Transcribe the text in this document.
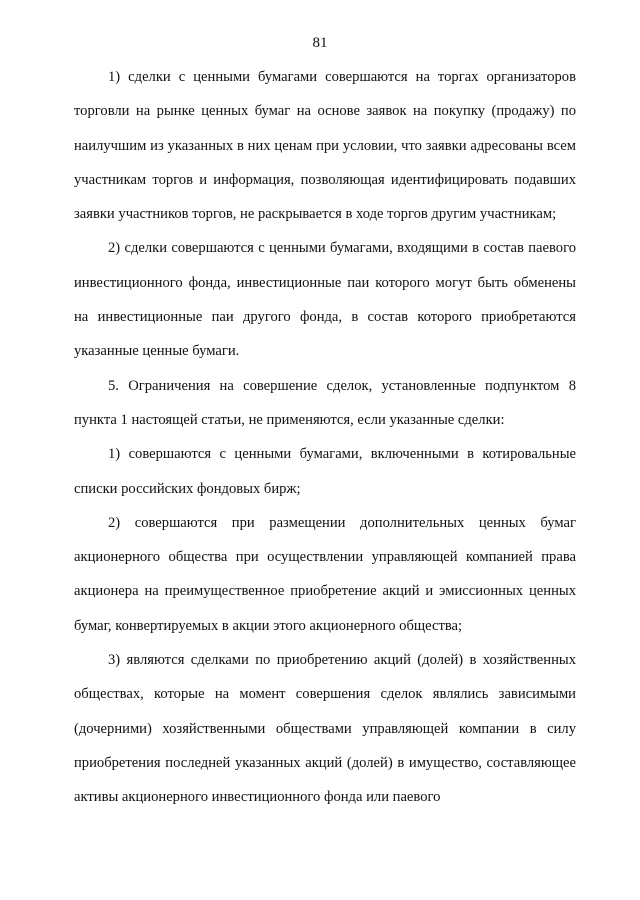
81

1) сделки с ценными бумагами совершаются на торгах организаторов торговли на рынке ценных бумаг на основе заявок на покупку (продажу) по наилучшим из указанных в них ценам при условии, что заявки адресованы всем участникам торгов и информация, позволяющая идентифицировать подавших заявки участников торгов, не раскрывается в ходе торгов другим участникам;

2) сделки совершаются с ценными бумагами, входящими в состав паевого инвестиционного фонда, инвестиционные паи которого могут быть обменены на инвестиционные паи другого фонда, в состав которого приобретаются указанные ценные бумаги.

5. Ограничения на совершение сделок, установленные подпунктом 8 пункта 1 настоящей статьи, не применяются, если указанные сделки:

1) совершаются с ценными бумагами, включенными в котировальные списки российских фондовых бирж;

2) совершаются при размещении дополнительных ценных бумаг акционерного общества при осуществлении управляющей компанией права акционера на преимущественное приобретение акций и эмиссионных ценных бумаг, конвертируемых в акции этого акционерного общества;

3) являются сделками по приобретению акций (долей) в хозяйственных обществах, которые на момент совершения сделок являлись зависимыми (дочерними) хозяйственными обществами управляющей компании в силу приобретения последней указанных акций (долей) в имущество, составляющее активы акционерного инвестиционного фонда или паевого
